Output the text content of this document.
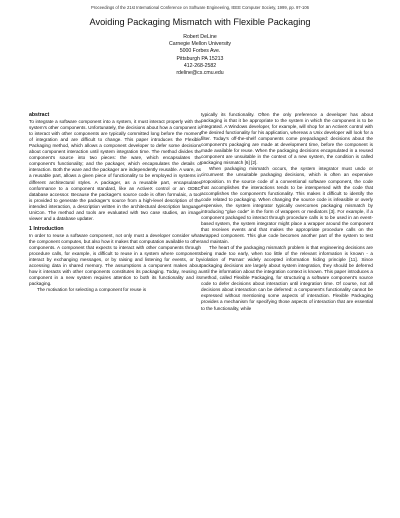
Proceedings of the 21st International Conference on Software Engineering, IEEE Computer Society, 1999, pp. 97-106
Avoiding Packaging Mismatch with Flexible Packaging
Robert DeLine
Carnegie Mellon University
5000 Forbes Ave.
Pittsburgh PA 15213
412-268-2582
rdeline@cs.cmu.edu
abstract

To integrate a software component into a system, it must interact properly with the system's other components. Unfortunately, the decisions about how a component is to interact with other components are typically committed long before the moment of integration and are difficult to change. This paper introduces the Flexible Packaging method, which allows a component developer to defer some decisions about component interaction until system integration time. The method divides the component's source into two pieces: the ware, which encapsulates the component's functionality; and the packager, which encapsulates the details of interaction. Both the ware and the packager are independently reusable. A ware, as a reusable part, allows a given piece of functionality to be employed in systems in different architectural styles. A packager, as a reusable part, encapsulates conformance to a component standard, like an ActiveX control or an ODBC database accessor. Because the packager's source code is often formulaic, a tool is provided to generate the packager's source from a high-level description of the intended interaction, a description written in the architectural description language UniCon. The method and tools are evaluated with two case studies, an image viewer and a database updater.

1 Introduction

In order to reuse a software component, not only must a developer consider what the component computes, but also how it makes that computation available to other components. A component that expects to interact with other components through procedure calls, for example, is difficult to reuse in a system where components interact by exchanging messages, or by raising and listening for events, or by accessing data in shared memory. The assumptions a component makes about how it interacts with other components constitutes its packaging. Today, reusing a component in a new system requires attention to both its functionality and its packaging.

The motivation for selecting a component for reuse is

typically its functionality. Often the only preference a developer has about packaging is that it be appropriate to the system in which the component is to be integrated. A Windows developer, for example, will shop for an ActiveX control with the desired functionality for his application, whereas a Unix developer will look for a filter. Today's off-the-shelf components come prepackaged: decisions about the component's packaging are made at development time, before the component is made available for reuse. When the packaging decisions encapsulated in a reused component are unsuitable in the context of a new system, the condition is called packaging mismatch [6] [2].

When packaging mismatch occurs, the system integrator must undo or circumvent the unsuitable packaging decisions, which is often an expensive proposition. In the source code of a conventional software component, the code that accomplishes the interactions tends to be interspersed with the code that accomplishes the component's functionality. This makes it difficult to identify the code related to packaging. When changing the source code is infeasible or overly expensive, the system integrator typically overcomes packaging mismatch by introducing "glue code" in the form of wrappers or mediators [3]. For example, if a component packaged to interact through procedure calls is to be used in an event-based system, the system integrator might place a wrapper around the component that receives events and that makes the appropriate procedure calls on the wrapped component. This glue code becomes another part of the system to test and maintain.

The heart of the packaging mismatch problem is that engineering decisions are being made too early, when too little of the relevant information is known - a violation of Parnas' widely accepted information hiding principle [11]. Since packaging decisions are largely about system integration, they should be deferred until the information about the integration context is known. This paper introduces a method, called Flexible Packaging, for structuring a software component's source code to defer decisions about interaction until integration time. Of course, not all decisions about interaction can be deferred: a component's functionality cannot be expressed without mentioning some aspects of interaction. Flexible Packaging provides a mechanism for specifying those aspects of interaction that are essential to the functionality, while
